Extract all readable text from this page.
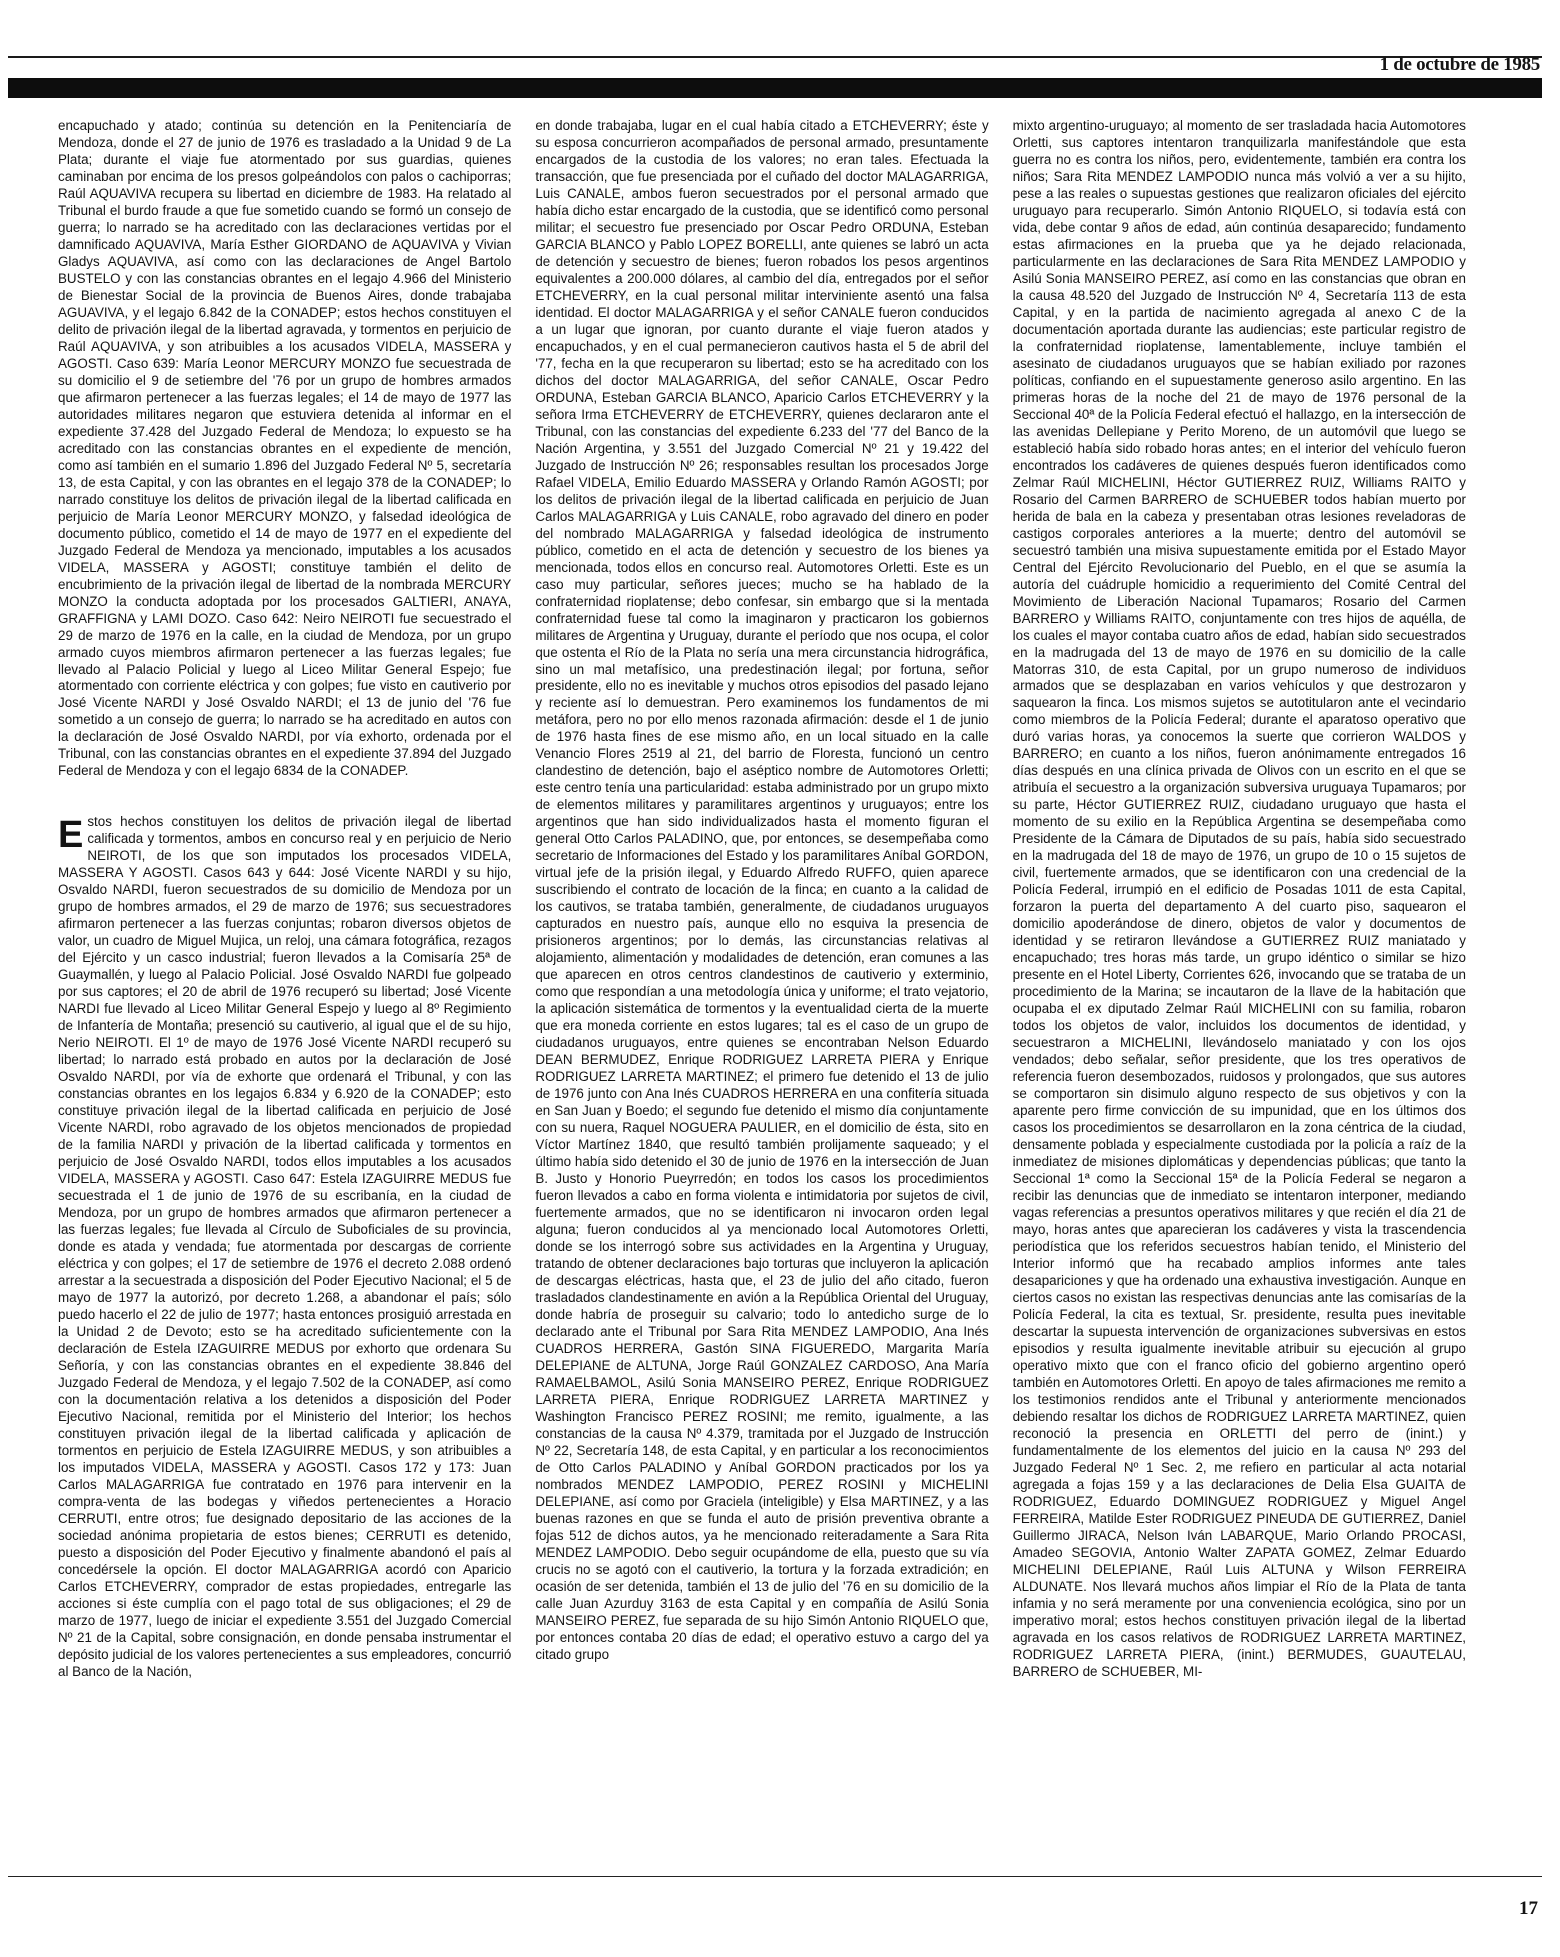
1 de octubre de 1985

encapuchado y atado; continúa su detención en la Penitenciaría de Mendoza, donde el 27 de junio de 1976 es trasladado a la Unidad 9 de La Plata; durante el viaje fue atormentado por sus guardias, quienes caminaban por encima de los presos golpeándolos con palos o cachiporras; Raúl AQUAVIVA recupera su libertad en diciembre de 1983. Ha relatado al Tribunal el burdo fraude a que fue sometido cuando se formó un consejo de guerra; lo narrado se ha acreditado con las declaraciones vertidas por el damnificado AQUAVIVA, María Esther GIORDANO de AQUAVIVA y Vivian Gladys AQUAVIVA, así como con las declaraciones de Angel Bartolo BUSTELO y con las constancias obrantes en el legajo 4.966 del Ministerio de Bienestar Social de la provincia de Buenos Aires, donde trabajaba AGUAVIVA, y el legajo 6.842 de la CONADEP; estos hechos constituyen el delito de privación ilegal de la libertad agravada, y tormentos en perjuicio de Raúl AQUAVIVA, y son atribuibles a los acusados VIDELA, MASSERA y AGOSTI. Caso 639: María Leonor MERCURY MONZO fue secuestrada de su domicilio el 9 de setiembre del '76 por un grupo de hombres armados que afirmaron pertenecer a las fuerzas legales; el 14 de mayo de 1977 las autoridades militares negaron que estuviera detenida al informar en el expediente 37.428 del Juzgado Federal de Mendoza; lo expuesto se ha acreditado con las constancias obrantes en el expediente de mención, como así también en el sumario 1.896 del Juzgado Federal Nº 5, secretaría 13, de esta Capital, y con las obrantes en el legajo 378 de la CONADEP; lo narrado constituye los delitos de privación ilegal de la libertad calificada en perjuicio de María Leonor MERCURY MONZO, y falsedad ideológica de documento público, cometido el 14 de mayo de 1977 en el expediente del Juzgado Federal de Mendoza ya mencionado, imputables a los acusados VIDELA, MASSERA y AGOSTI; constituye también el delito de encubrimiento de la privación ilegal de libertad de la nombrada MERCURY MONZO la conducta adoptada por los procesados GALTIERI, ANAYA, GRAFFIGNA y LAMI DOZO. Caso 642: Neiro NEIROTI fue secuestrado el 29 de marzo de 1976 en la calle, en la ciudad de Mendoza, por un grupo armado cuyos miembros afirmaron pertenecer a las fuerzas legales; fue llevado al Palacio Policial y luego al Liceo Militar General Espejo; fue atormentado con corriente eléctrica y con golpes; fue visto en cautiverio por José Vicente NARDI y José Osvaldo NARDI; el 13 de junio del '76 fue sometido a un consejo de guerra; lo narrado se ha acreditado en autos con la declaración de José Osvaldo NARDI, por vía exhorto, ordenada por el Tribunal, con las constancias obrantes en el expediente 37.894 del Juzgado Federal de Mendoza y con el legajo 6834 de la CONADEP.

Estos hechos constituyen los delitos de privación ilegal de libertad calificada y tormentos, ambos en concurso real y en perjuicio de Nerio NEIROTI, de los que son imputados los procesados VIDELA, MASSERA Y AGOSTI. Casos 643 y 644: José Vicente NARDI y su hijo, Osvaldo NARDI, fueron secuestrados de su domicilio de Mendoza por un grupo de hombres armados, el 29 de marzo de 1976; sus secuestradores afirmaron pertenecer a las fuerzas conjuntas; robaron diversos objetos de valor, un cuadro de Miguel Mujica, un reloj, una cámara fotográfica, rezagos del Ejército y un casco industrial; fueron llevados a la Comisaría 25ª de Guaymallén, y luego al Palacio Policial. José Osvaldo NARDI fue golpeado por sus captores; el 20 de abril de 1976 recuperó su libertad; José Vicente NARDI fue llevado al Liceo Militar General Espejo y luego al 8º Regimiento de Infantería de Montaña; presenció su cautiverio, al igual que el de su hijo, Nerio NEIROTI. El 1º de mayo de 1976 José Vicente NARDI recuperó su libertad; lo narrado está probado en autos por la declaración de José Osvaldo NARDI, por vía de exhorte que ordenará el Tribunal, y con las constancias obrantes en los legajos 6.834 y 6.920 de la CONADEP; esto constituye privación ilegal de la libertad calificada en perjuicio de José Vicente NARDI, robo agravado de los objetos mencionados de propiedad de la familia NARDI y privación de la libertad calificada y tormentos en perjuicio de José Osvaldo NARDI, todos ellos imputables a los acusados VIDELA, MASSERA y AGOSTI. Caso 647: Estela IZAGUIRRE MEDUS fue secuestrada el 1 de junio de 1976 de su escribanía, en la ciudad de Mendoza, por un grupo de hombres armados que afirmaron pertenecer a las fuerzas legales; fue llevada al Círculo de Suboficiales de su provincia, donde es atada y vendada; fue atormentada por descargas de corriente eléctrica y con golpes; el 17 de setiembre de 1976 el decreto 2.088 ordenó arrestar a la secuestrada a disposición del Poder Ejecutivo Nacional; el 5 de mayo de 1977 la autorizó, por decreto 1.268, a abandonar el país; sólo puedo hacerlo el 22 de julio de 1977; hasta entonces prosiguió arrestada en la Unidad 2 de Devoto; esto se ha acreditado suficientemente con la declaración de Estela IZAGUIRRE MEDUS por exhorto que ordenara Su Señoría, y con las constancias obrantes en el expediente 38.846 del Juzgado Federal de Mendoza, y el legajo 7.502 de la CONADEP, así como con la documentación relativa a los detenidos a disposición del Poder Ejecutivo Nacional, remitida por el Ministerio del Interior; los hechos constituyen privación ilegal de la libertad calificada y aplicación de tormentos en perjuicio de Estela IZAGUIRRE MEDUS, y son atribuibles a los imputados VIDELA, MASSERA y AGOSTI. Casos 172 y 173: Juan Carlos MALAGARRIGA fue contratado en 1976 para intervenir en la compra-venta de las bodegas y viñedos pertenecientes a Horacio CERRUTI, entre otros; fue designado depositario de las acciones de la sociedad anónima propietaria de estos bienes; CERRUTI es detenido, puesto a disposición del Poder Ejecutivo y finalmente abandonó el país al concedérsele la opción. El doctor MALAGARRIGA acordó con Aparicio Carlos ETCHEVERRY, comprador de estas propiedades, entregarle las acciones si éste cumplía con el pago total de sus obligaciones; el 29 de marzo de 1977, luego de iniciar el expediente 3.551 del Juzgado Comercial Nº 21 de la Capital, sobre consignación, en donde pensaba instrumentar el depósito judicial de los valores pertenecientes a sus empleadores, concurrió al Banco de la Nación,

en donde trabajaba, lugar en el cual había citado a ETCHEVERRY; éste y su esposa concurrieron acompañados de personal armado, presuntamente encargados de la custodia de los valores; no eran tales. Efectuada la transacción, que fue presenciada por el cuñado del doctor MALAGARRIGA, Luis CANALE, ambos fueron secuestrados por el personal armado que había dicho estar encargado de la custodia, que se identificó como personal militar; el secuestro fue presenciado por Oscar Pedro ORDUNA, Esteban GARCIA BLANCO y Pablo LOPEZ BORELLI, ante quienes se labró un acta de detención y secuestro de bienes; fueron robados los pesos argentinos equivalentes a 200.000 dólares, al cambio del día, entregados por el señor ETCHEVERRY, en la cual personal militar interviniente asentó una falsa identidad. El doctor MALAGARRIGA y el señor CANALE fueron conducidos a un lugar que ignoran, por cuanto durante el viaje fueron atados y encapuchados, y en el cual permanecieron cautivos hasta el 5 de abril del '77, fecha en la que recuperaron su libertad; esto se ha acreditado con los dichos del doctor MALAGARRIGA, del señor CANALE, Oscar Pedro ORDUNA, Esteban GARCIA BLANCO, Aparicio Carlos ETCHEVERRY y la señora Irma ETCHEVERRY de ETCHEVERRY, quienes declararon ante el Tribunal, con las constancias del expediente 6.233 del '77 del Banco de la Nación Argentina, y 3.551 del Juzgado Comercial Nº 21 y 19.422 del Juzgado de Instrucción Nº 26; responsables resultan los procesados Jorge Rafael VIDELA, Emilio Eduardo MASSERA y Orlando Ramón AGOSTI; por los delitos de privación ilegal de la libertad calificada en perjuicio de Juan Carlos MALAGARRIGA y Luis CANALE, robo agravado del dinero en poder del nombrado MALAGARRIGA y falsedad ideológica de instrumento público, cometido en el acta de detención y secuestro de los bienes ya mencionada, todos ellos en concurso real. Automotores Orletti. Este es un caso muy particular, señores jueces; mucho se ha hablado de la confraternidad rioplatense; debo confesar, sin embargo que si la mentada confraternidad fuese tal como la imaginaron y practicaron los gobiernos militares de Argentina y Uruguay, durante el período que nos ocupa, el color que ostenta el Río de la Plata no sería una mera circunstancia hidrográfica, sino un mal metafísico, una predestinación ilegal; por fortuna, señor presidente, ello no es inevitable y muchos otros episodios del pasado lejano y reciente así lo demuestran. Pero examinemos los fundamentos de mi metáfora, pero no por ello menos razonada afirmación: desde el 1 de junio de 1976 hasta fines de ese mismo año, en un local situado en la calle Venancio Flores 2519 al 21, del barrio de Floresta, funcionó un centro clandestino de detención, bajo el aséptico nombre de Automotores Orletti; este centro tenía una particularidad: estaba administrado por un grupo mixto de elementos militares y paramilitares argentinos y uruguayos; entre los argentinos que han sido individualizados hasta el momento figuran el general Otto Carlos PALADINO, que, por entonces, se desempeñaba como secretario de Informaciones del Estado y los paramilitares Aníbal GORDON, virtual jefe de la prisión ilegal, y Eduardo Alfredo RUFFO, quien aparece suscribiendo el contrato de locación de la finca; en cuanto a la calidad de los cautivos, se trataba también, generalmente, de ciudadanos uruguayos capturados en nuestro país, aunque ello no esquiva la presencia de prisioneros argentinos; por lo demás, las circunstancias relativas al alojamiento, alimentación y modalidades de detención, eran comunes a las que aparecen en otros centros clandestinos de cautiverio y exterminio, como que respondían a una metodología única y uniforme; el trato vejatorio, la aplicación sistemática de tormentos y la eventualidad cierta de la muerte que era moneda corriente en estos lugares; tal es el caso de un grupo de ciudadanos uruguayos, entre quienes se encontraban Nelson Eduardo DEAN BERMUDEZ, Enrique RODRIGUEZ LARRETA PIERA y Enrique RODRIGUEZ LARRETA MARTINEZ; el primero fue detenido el 13 de julio de 1976 junto con Ana Inés CUADROS HERRERA en una confitería situada en San Juan y Boedo; el segundo fue detenido el mismo día conjuntamente con su nuera, Raquel NOGUERA PAULIER, en el domicilio de ésta, sito en Víctor Martínez 1840, que resultó también prolijamente saqueado; y el último había sido detenido el 30 de junio de 1976 en la intersección de Juan B. Justo y Honorio Pueyrredón; en todos los casos los procedimientos fueron llevados a cabo en forma violenta e intimidatoria por sujetos de civil, fuertemente armados, que no se identificaron ni invocaron orden legal alguna; fueron conducidos al ya mencionado local Automotores Orletti, donde se los interrogó sobre sus actividades en la Argentina y Uruguay, tratando de obtener declaraciones bajo torturas que incluyeron la aplicación de descargas eléctricas, hasta que, el 23 de julio del año citado, fueron trasladados clandestinamente en avión a la República Oriental del Uruguay, donde habría de proseguir su calvario; todo lo antedicho surge de lo declarado ante el Tribunal por Sara Rita MENDEZ LAMPODIO, Ana Inés CUADROS HERRERA, Gastón SINA FIGUEREDO, Margarita María DELEPIANE de ALTUNA, Jorge Raúl GONZALEZ CARDOSO, Ana María RAMAELBAMOL, Asilú Sonia MANSEIRO PEREZ, Enrique RODRIGUEZ LARRETA PIERA, Enrique RODRIGUEZ LARRETA MARTINEZ y Washington Francisco PEREZ ROSINI; me remito, igualmente, a las constancias de la causa Nº 4.379, tramitada por el Juzgado de Instrucción Nº 22, Secretaría 148, de esta Capital, y en particular a los reconocimientos de Otto Carlos PALADINO y Aníbal GORDON practicados por los ya nombrados MENDEZ LAMPODIO, PEREZ ROSINI y MICHELINI DELEPIANE, así como por Graciela (inteligible) y Elsa MARTINEZ, y a las buenas razones en que se funda el auto de prisión preventiva obrante a fojas 512 de dichos autos, ya he mencionado reiteradamente a Sara Rita MENDEZ LAMPODIO. Debo seguir ocupándome de ella, puesto que su vía crucis no se agotó con el cautiverio, la tortura y la forzada extradición; en ocasión de ser detenida, también el 13 de julio del '76 en su domicilio de la calle Juan Azurduy 3163 de esta Capital y en compañía de Asilú Sonia MANSEIRO PEREZ, fue separada de su hijo Simón Antonio RIQUELO que, por entonces contaba 20 días de edad; el operativo estuvo a cargo del ya citado grupo

mixto argentino-uruguayo; al momento de ser trasladada hacia Automotores Orletti, sus captores intentaron tranquilizarla manifestándole que esta guerra no es contra los niños, pero, evidentemente, también era contra los niños; Sara Rita MENDEZ LAMPODIO nunca más volvió a ver a su hijito, pese a las reales o supuestas gestiones que realizaron oficiales del ejército uruguayo para recuperarlo. Simón Antonio RIQUELO, si todavía está con vida, debe contar 9 años de edad, aún continúa desaparecido; fundamento estas afirmaciones en la prueba que ya he dejado relacionada, particularmente en las declaraciones de Sara Rita MENDEZ LAMPODIO y Asilú Sonia MANSEIRO PEREZ, así como en las constancias que obran en la causa 48.520 del Juzgado de Instrucción Nº 4, Secretaría 113 de esta Capital, y en la partida de nacimiento agregada al anexo C de la documentación aportada durante las audiencias; este particular registro de la confraternidad rioplatense, lamentablemente, incluye también el asesinato de ciudadanos uruguayos que se habían exiliado por razones políticas, confiando en el supuestamente generoso asilo argentino. En las primeras horas de la noche del 21 de mayo de 1976 personal de la Seccional 40ª de la Policía Federal efectuó el hallazgo, en la intersección de las avenidas Dellepiane y Perito Moreno, de un automóvil que luego se estableció había sido robado horas antes; en el interior del vehículo fueron encontrados los cadáveres de quienes después fueron identificados como Zelmar Raúl MICHELINI, Héctor GUTIERREZ RUIZ, Williams RAITO y Rosario del Carmen BARRERO de SCHUEBER todos habían muerto por herida de bala en la cabeza y presentaban otras lesiones reveladoras de castigos corporales anteriores a la muerte; dentro del automóvil se secuestró también una misiva supuestamente emitida por el Estado Mayor Central del Ejército Revolucionario del Pueblo, en el que se asumía la autoría del cuádruple homicidio a requerimiento del Comité Central del Movimiento de Liberación Nacional Tupamaros; Rosario del Carmen BARRERO y Williams RAITO, conjuntamente con tres hijos de aquélla, de los cuales el mayor contaba cuatro años de edad, habían sido secuestrados en la madrugada del 13 de mayo de 1976 en su domicilio de la calle Matorras 310, de esta Capital, por un grupo numeroso de individuos armados que se desplazaban en varios vehículos y que destrozaron y saquearon la finca. Los mismos sujetos se autotitularon ante el vecindario como miembros de la Policía Federal; durante el aparatoso operativo que duró varias horas, ya conocemos la suerte que corrieron WALDOS y BARRERO; en cuanto a los niños, fueron anónimamente entregados 16 días después en una clínica privada de Olivos con un escrito en el que se atribuía el secuestro a la organización subversiva uruguaya Tupamaros; por su parte, Héctor GUTIERREZ RUIZ, ciudadano uruguayo que hasta el momento de su exilio en la República Argentina se desempeñaba como Presidente de la Cámara de Diputados de su país, había sido secuestrado en la madrugada del 18 de mayo de 1976, un grupo de 10 o 15 sujetos de civil, fuertemente armados, que se identificaron con una credencial de la Policía Federal, irrumpió en el edificio de Posadas 1011 de esta Capital, forzaron la puerta del departamento A del cuarto piso, saquearon el domicilio apoderándose de dinero, objetos de valor y documentos de identidad y se retiraron llevándose a GUTIERREZ RUIZ maniatado y encapuchado; tres horas más tarde, un grupo idéntico o similar se hizo presente en el Hotel Liberty, Corrientes 626, invocando que se trataba de un procedimiento de la Marina; se incautaron de la llave de la habitación que ocupaba el ex diputado Zelmar Raúl MICHELINI con su familia, robaron todos los objetos de valor, incluidos los documentos de identidad, y secuestraron a MICHELINI, llevándoselo maniatado y con los ojos vendados; debo señalar, señor presidente, que los tres operativos de referencia fueron desembozados, ruidosos y prolongados, que sus autores se comportaron sin disimulo alguno respecto de sus objetivos y con la aparente pero firme convicción de su impunidad, que en los últimos dos casos los procedimientos se desarrollaron en la zona céntrica de la ciudad, densamente poblada y especialmente custodiada por la policía a raíz de la inmediatez de misiones diplomáticas y dependencias públicas; que tanto la Seccional 1ª como la Seccional 15ª de la Policía Federal se negaron a recibir las denuncias que de inmediato se intentaron interponer, mediando vagas referencias a presuntos operativos militares y que recién el día 21 de mayo, horas antes que aparecieran los cadáveres y vista la trascendencia periodística que los referidos secuestros habían tenido, el Ministerio del Interior informó que ha recabado amplios informes ante tales desapariciones y que ha ordenado una exhaustiva investigación. Aunque en ciertos casos no existan las respectivas denuncias ante las comisarías de la Policía Federal, la cita es textual, Sr. presidente, resulta pues inevitable descartar la supuesta intervención de organizaciones subversivas en estos episodios y resulta igualmente inevitable atribuir su ejecución al grupo operativo mixto que con el franco oficio del gobierno argentino operó también en Automotores Orletti. En apoyo de tales afirmaciones me remito a los testimonios rendidos ante el Tribunal y anteriormente mencionados debiendo resaltar los dichos de RODRIGUEZ LARRETA MARTINEZ, quien reconoció la presencia en ORLETTI del perro de (inint.) y fundamentalmente de los elementos del juicio en la causa Nº 293 del Juzgado Federal Nº 1 Sec. 2, me refiero en particular al acta notarial agregada a fojas 159 y a las declaraciones de Delia Elsa GUAITA de RODRIGUEZ, Eduardo DOMINGUEZ RODRIGUEZ y Miguel Angel FERREIRA, Matilde Ester RODRIGUEZ PINEUDA DE GUTIERREZ, Daniel Guillermo JIRACA, Nelson Iván LABARQUE, Mario Orlando PROCASI, Amadeo SEGOVIA, Antonio Walter ZAPATA GOMEZ, Zelmar Eduardo MICHELINI DELEPIANE, Raúl Luis ALTUNA y Wilson FERREIRA ALDUNATE. Nos llevará muchos años limpiar el Río de la Plata de tanta infamia y no será meramente por una conveniencia ecológica, sino por un imperativo moral; estos hechos constituyen privación ilegal de la libertad agravada en los casos relativos de RODRIGUEZ LARRETA MARTINEZ, RODRIGUEZ LARRETA PIERA, (inint.) BERMUDES, GUAUTELAU, BARRERO de SCHUEBER, MI-

17
